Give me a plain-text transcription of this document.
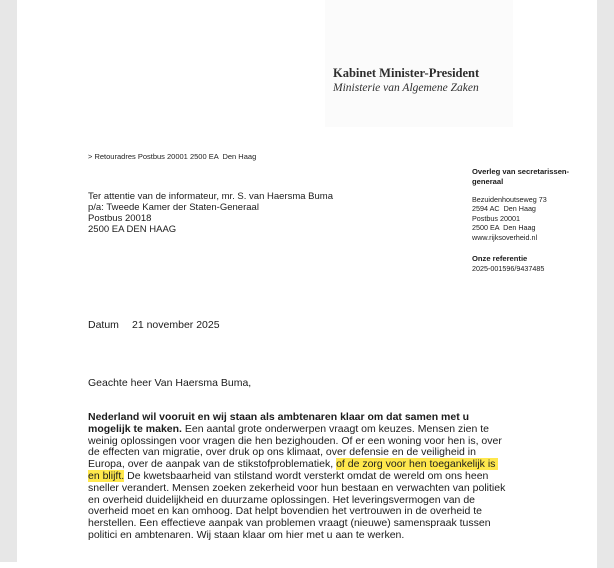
Kabinet Minister-President
Ministerie van Algemene Zaken
> Retouradres Postbus 20001 2500 EA  Den Haag
Ter attentie van de informateur, mr. S. van Haersma Buma
p/a: Tweede Kamer der Staten-Generaal
Postbus 20018
2500 EA DEN HAAG
Overleg van secretarissen-generaal
Bezuidenhoutseweg 73
2594 AC  Den Haag
Postbus 20001
2500 EA  Den Haag
www.rijksoverheid.nl
Onze referentie
2025-001596/9437485
Datum 21 november 2025
Geachte heer Van Haersma Buma,

Nederland wil vooruit en wij staan als ambtenaren klaar om dat samen met u mogelijk te maken. Een aantal grote onderwerpen vraagt om keuzes. Mensen zien te weinig oplossingen voor vragen die hen bezighouden. Of er een woning voor hen is, over de effecten van migratie, over druk op ons klimaat, over defensie en de veiligheid in Europa, over de aanpak van de stikstofproblematiek, of de zorg voor hen toegankelijk is en blijft. De kwetsbaarheid van stilstand wordt versterkt omdat de wereld om ons heen sneller verandert. Mensen zoeken zekerheid voor hun bestaan en verwachten van politiek en overheid duidelijkheid en duurzame oplossingen. Het leveringsvermogen van de overheid moet en kan omhoog. Dat helpt bovendien het vertrouwen in de overheid te herstellen. Een effectieve aanpak van problemen vraagt (nieuwe) samenspraak tussen politici en ambtenaren. Wij staan klaar om hier met u aan te werken.
